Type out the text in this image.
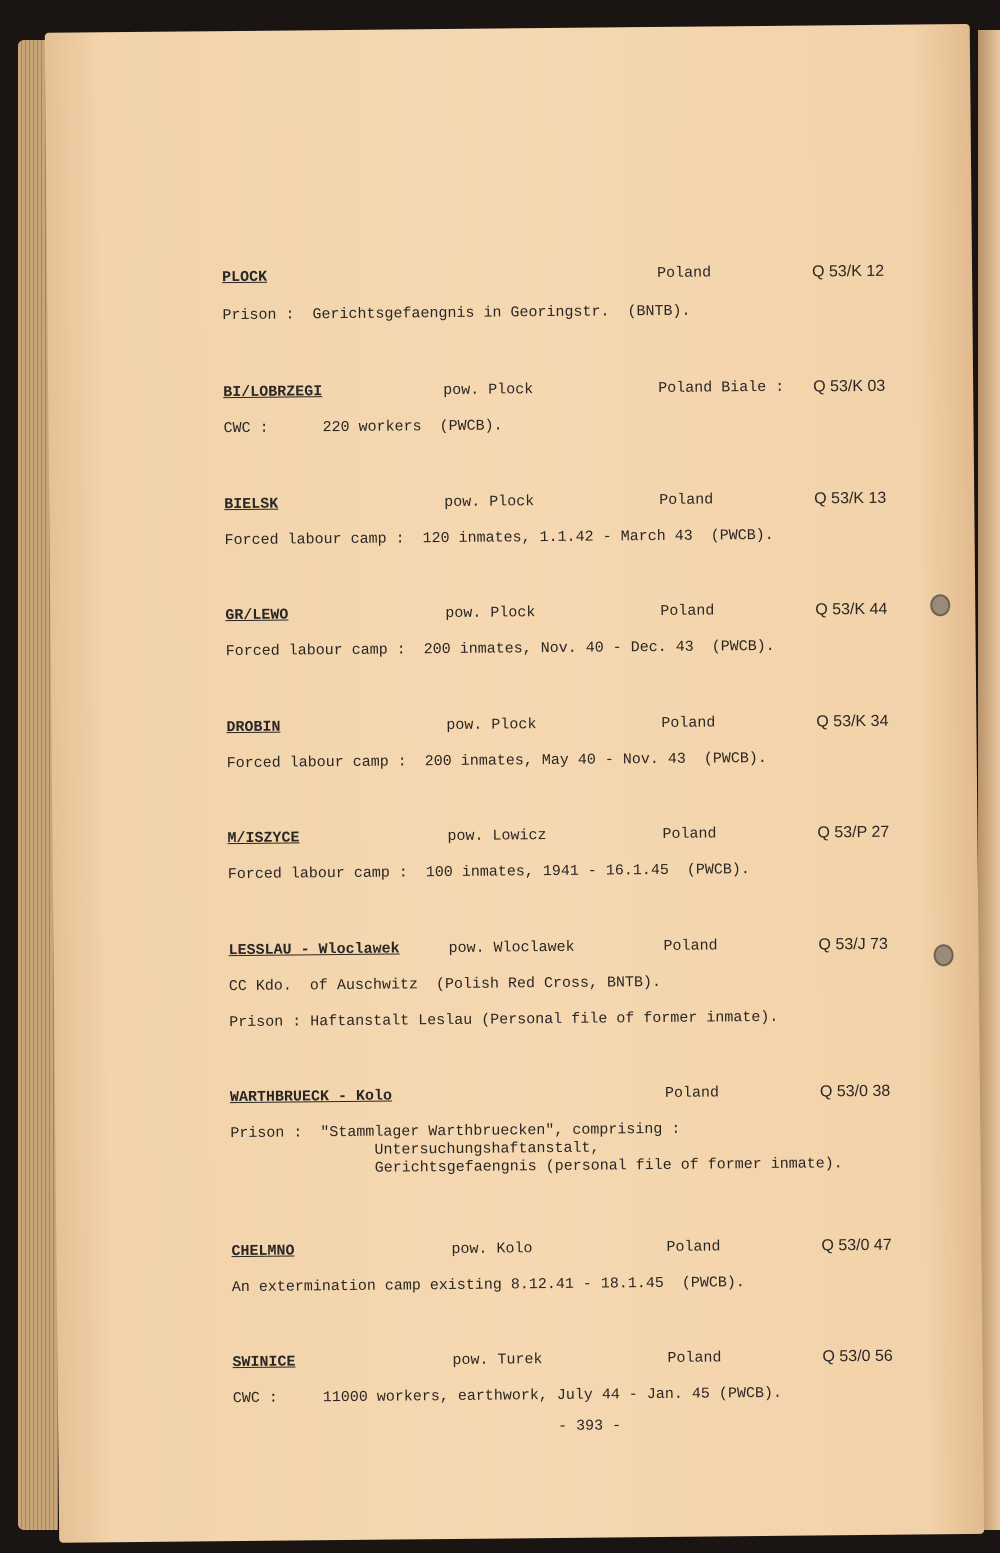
PLOCK	Poland	Q 53/K 12
Prison :  Gerichtsgefaengnis in Georingstr.  (BNTB).
BI/LOBRZEGI	pow. Plock	Poland Biale : Q 53/K 03
CWC :      220 workers  (PWCB).
BIELSK	pow. Plock	Poland	Q 53/K 13
Forced labour camp :  120 inmates, 1.1.42 - March 43  (PWCB).
GR/LEWO	pow. Plock	Poland	Q 53/K 44
Forced labour camp :  200 inmates, Nov. 40 - Dec. 43  (PWCB).
DROBIN	pow. Plock	Poland	Q 53/K 34
Forced labour camp :  200 inmates, May 40 - Nov. 43  (PWCB).
M/ISZYCE	pow. Lowicz	Poland	Q 53/P 27
Forced labour camp :  100 inmates, 1941 - 16.1.45  (PWCB).
LESSLAU - Wloclawek	pow. Wloclawek	Poland	Q 53/J 73
CC Kdo.  of Auschwitz  (Polish Red Cross, BNTB).
Prison : Haftanstalt Leslau (Personal file of former inmate).
WARTHBRUECK - Kolo	Poland	Q 53/0 38
Prison :  "Stammlager Warthbruecken", comprising :
Untersuchungshaftanstalt,
Gerichtsgefaengnis (personal file of former inmate).
CHELMNO	pow. Kolo	Poland	Q 53/0 47
An extermination camp existing 8.12.41 - 18.1.45  (PWCB).
SWINICE	pow. Turek	Poland	Q 53/0 56
CWC :     11000 workers, earthwork, July 44 - Jan. 45 (PWCB).
- 393 -
